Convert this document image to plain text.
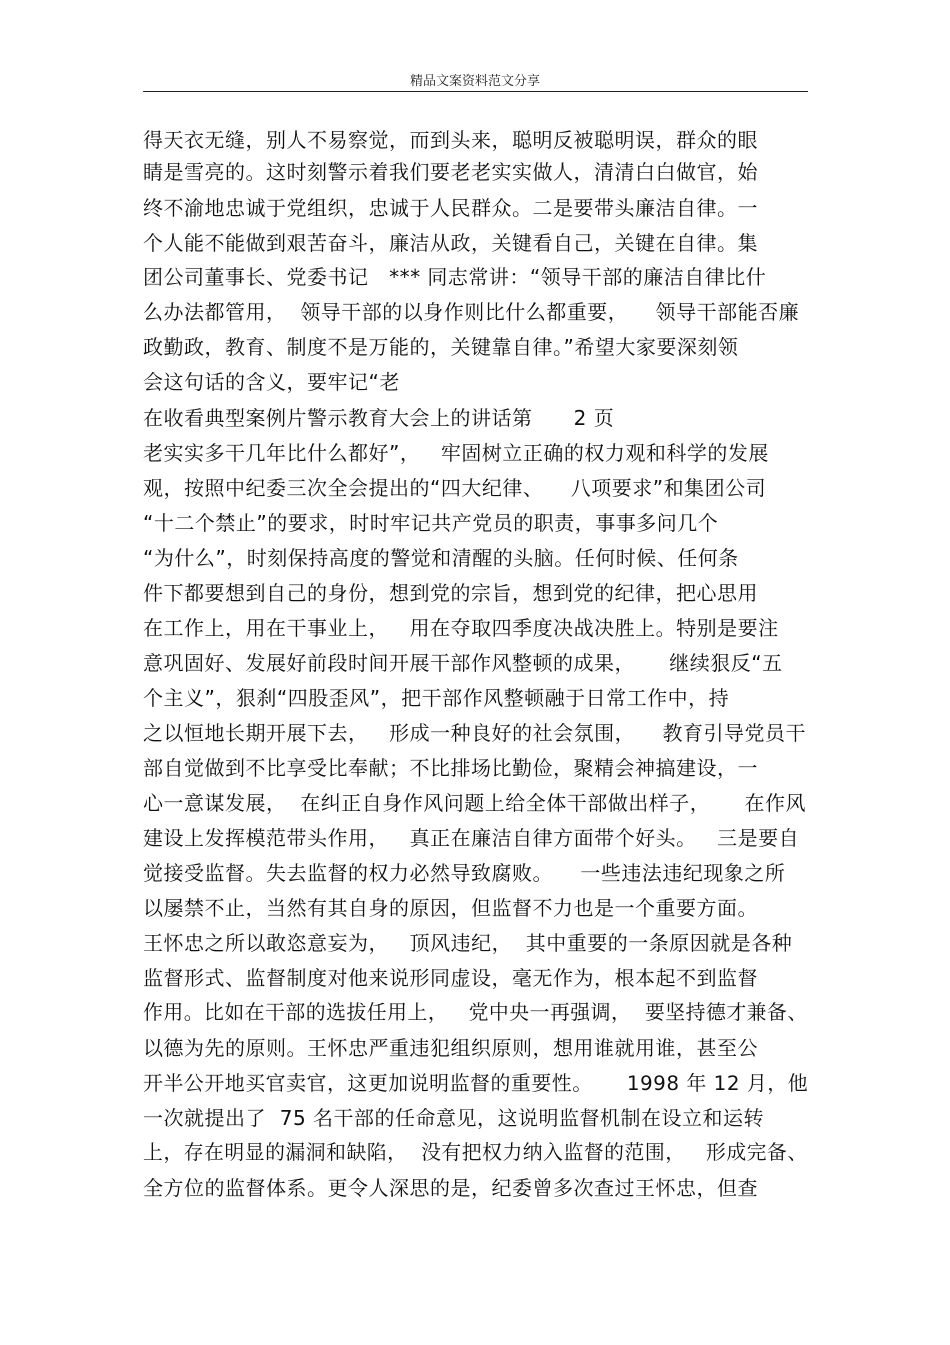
精品文案资料范文分享
得天衣无缝，别人不易察觉，而到头来，聪明反被聪明误，群众的眼
睛是雪亮的。这时刻警示着我们要老老实实做人，清清白白做官，始
终不渝地忠诚于党组织，忠诚于人民群众。二是要带头廉洁自律。一
个人能不能做到艰苦奋斗，廉洁从政，关键看自己，关键在自律。集
团公司董事长、党委书记   *** 同志常讲：“领导干部的廉洁自律比什
么办法都管用，  领导干部的以身作则比什么都重要，    领导干部能否廉
政勤政，教育、制度不是万能的，关键靠自律。”希望大家要深刻领
会这句话的含义，要牢记“老
在收看典型案例片警示教育大会上的讲话第      2 页
老实实多干几年比什么都好”，   牢固树立正确的权力观和科学的发展
观，按照中纪委三次全会提出的“四大纪律、    八项要求”和集团公司
“十二个禁止”的要求，时时牢记共产党员的职责，事事多问几个
“为什么”，时刻保持高度的警觉和清醒的头脑。任何时候、任何条
件下都要想到自己的身份，想到党的宗旨，想到党的纪律，把心思用
在工作上，用在干事业上，   用在夺取四季度决战决胜上。特别是要注
意巩固好、发展好前段时间开展干部作风整顿的成果，     继续狠反“五
个主义”，狠刹“四股歪风”，把干部作风整顿融于日常工作中，持
之以恒地长期开展下去，   形成一种良好的社会氛围，    教育引导党员干
部自觉做到不比享受比奉献；不比排场比勤俭，聚精会神搞建设，一
心一意谋发展，  在纠正自身作风问题上给全体干部做出样子，     在作风
建设上发挥模范带头作用，   真正在廉洁自律方面带个好头。   三是要自
觉接受监督。失去监督的权力必然导致腐败。    一些违法违纪现象之所
以屡禁不止，当然有其自身的原因，但监督不力也是一个重要方面。
王怀忠之所以敢恣意妄为，   顶风违纪，  其中重要的一条原因就是各种
监督形式、监督制度对他来说形同虚设，毫无作为，根本起不到监督
作用。比如在干部的选拔任用上，   党中央一再强调，  要坚持德才兼备、
以德为先的原则。王怀忠严重违犯组织原则，想用谁就用谁，甚至公
开半公开地买官卖官，这更加说明监督的重要性。     1998 年 12 月，他
一次就提出了  75 名干部的任命意见，这说明监督机制在设立和运转
上，存在明显的漏洞和缺陷，  没有把权力纳入监督的范围，   形成完备、
全方位的监督体系。更令人深思的是，纪委曾多次查过王怀忠，但查
